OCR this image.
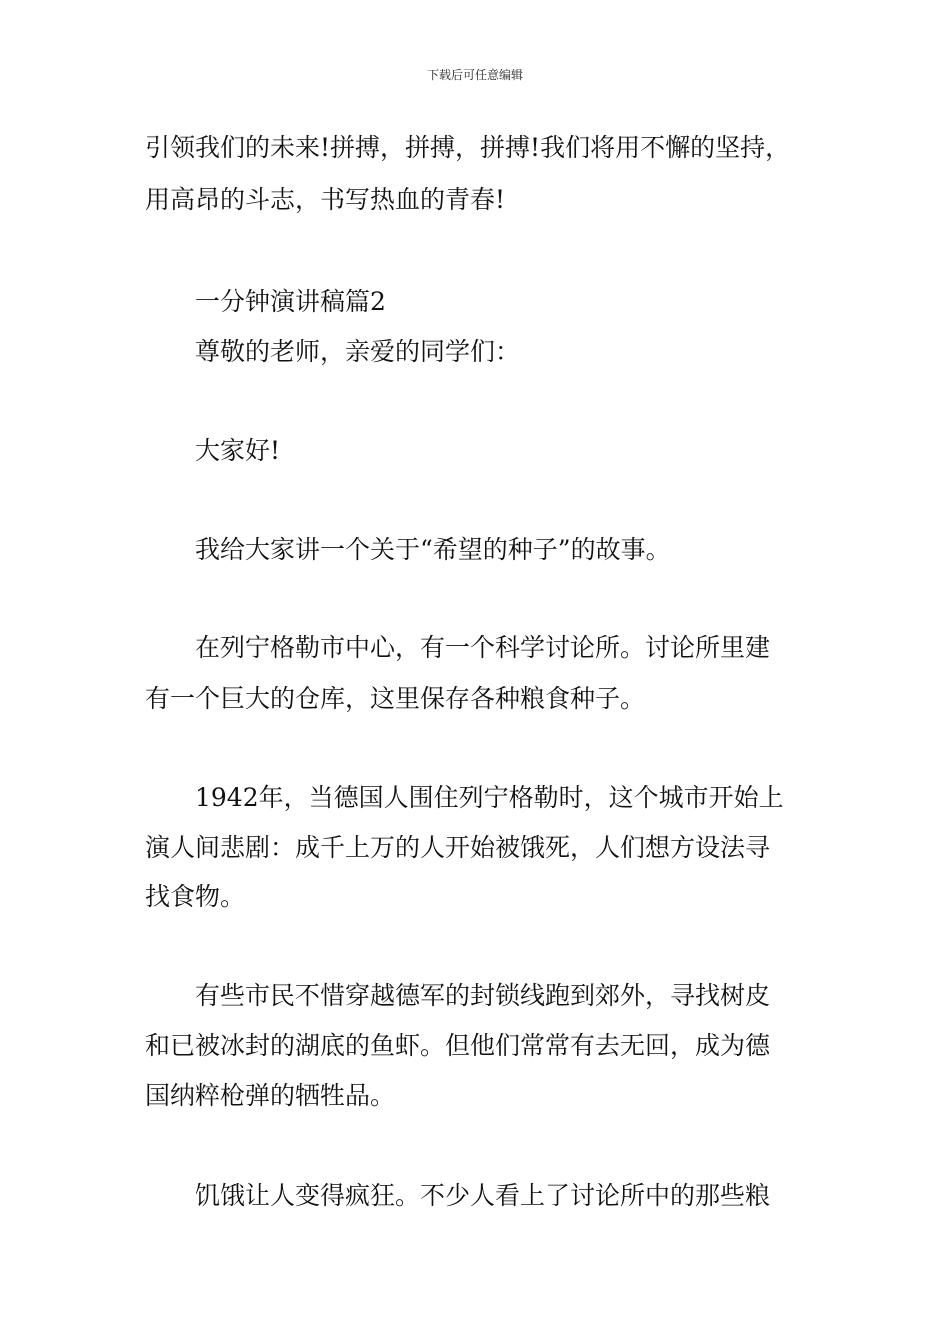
下载后可任意编辑
引领我们的未来!拼搏，拼搏，拼搏!我们将用不懈的坚持，
用高昂的斗志，书写热血的青春!
一分钟演讲稿篇2
尊敬的老师，亲爱的同学们：
大家好!
我给大家讲一个关于“希望的种子”的故事。
在列宁格勒市中心，有一个科学讨论所。讨论所里建
有一个巨大的仓库，这里保存各种粮食种子。
1942年，当德国人围住列宁格勒时，这个城市开始上
演人间悲剧：成千上万的人开始被饿死，人们想方设法寻
找食物。
有些市民不惜穿越德军的封锁线跑到郊外，寻找树皮
和已被冰封的湖底的鱼虾。但他们常常有去无回，成为德
国纳粹枪弹的牺牲品。
饥饿让人变得疯狂。不少人看上了讨论所中的那些粮
